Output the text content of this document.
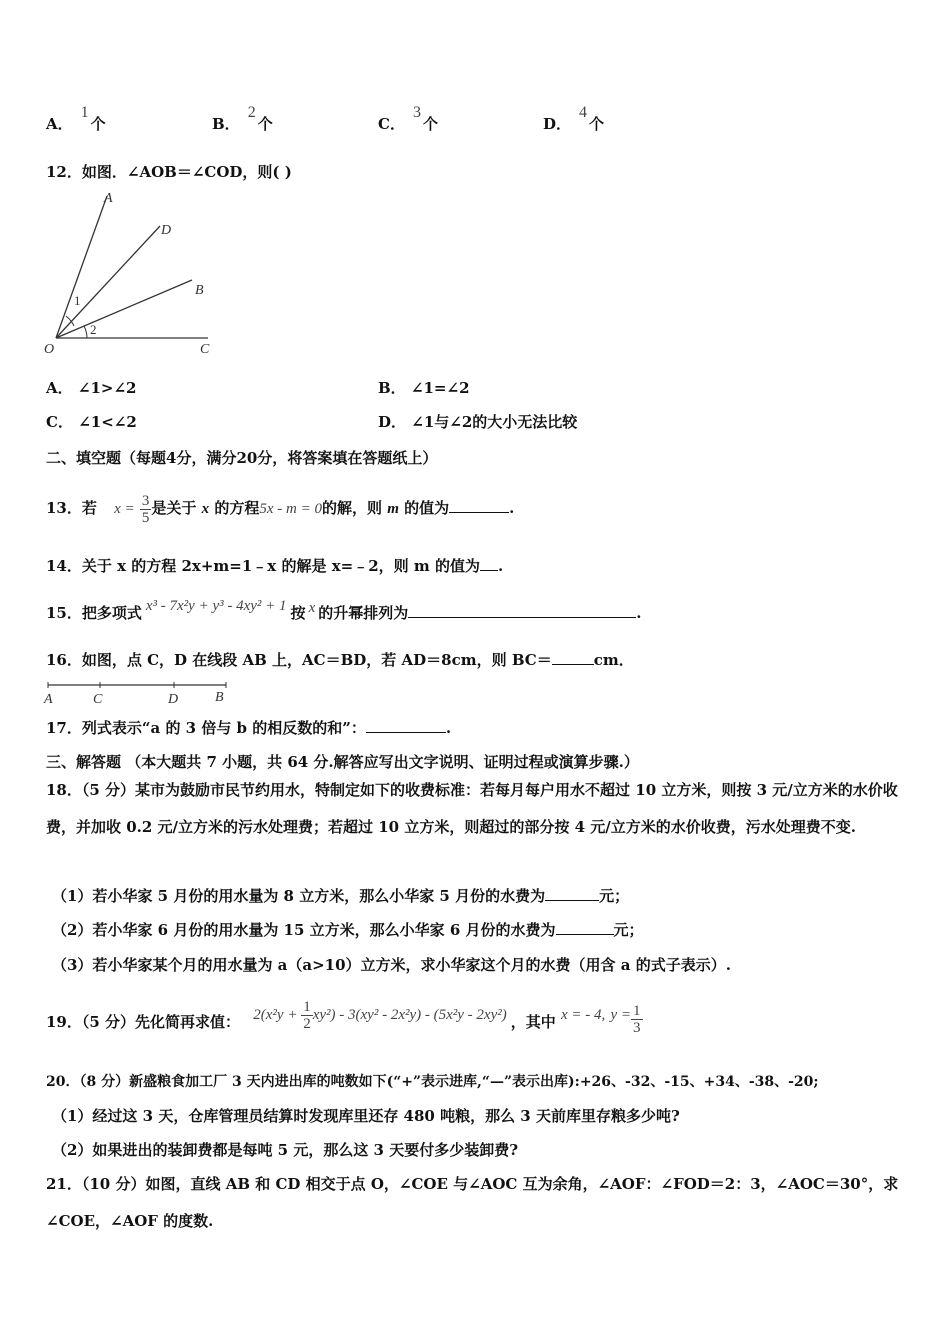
A．1个	B．2个	C．3个	D．4个
12．如图．∠AOB＝∠COD，则( )
A
D
B
O	C
1
2
A． ∠1>∠2	B． ∠1=∠2
C． ∠1<∠2	D． ∠1与∠2的大小无法比较
二、填空题（每题4分，满分20分，将答案填在答题纸上）
13．若 $x = \frac{3}{5}$ 是关于 x 的方程5x - m = 0的解，则 m 的值为	.
14．关于 x 的方程 2x+m=1﹣x 的解是 x=﹣2，则 m 的值为 .
15．把多项式 x³ - 7x²y + y³ - 4xy² + 1 按 x 的升幂排列为	.
16．如图，点 C，D 在线段 AB 上，AC＝BD，若 AD＝8cm，则 BC＝	cm．
A	C	D	B
17．列式表示“a 的 3 倍与 b 的相反数的和”：	.
三、解答题 （本大题共 7 小题，共 64 分.解答应写出文字说明、证明过程或演算步骤.）
18．（5 分）某市为鼓励市民节约用水，特制定如下的收费标准：若每月每户用水不超过 10 立方米，则按 3 元/立方米的水价收费，并加收 0.2 元/立方米的污水处理费；若超过 10 立方米，则超过的部分按 4 元/立方米的水价收费，污水处理费不变.
（1）若小华家 5 月份的用水量为 8 立方米，那么小华家 5 月份的水费为	元；
（2）若小华家 6 月份的用水量为 15 立方米，那么小华家 6 月份的水费为	元；
（3）若小华家某个月的用水量为 a（a>10）立方米，求小华家这个月的水费（用含 a 的式子表示）.
19．（5 分）先化简再求值： $2(x^2y + \frac{1}{2} xy^2) - 3(xy^2 - 2x^2y) - (5x^2y - 2xy^2)$ ，其中 x = - 4, $y = \frac{1}{3}$
20．（8 分）新盛粮食加工厂 3 天内进出库的吨数如下(“+”表示进库,“—”表示出库):+26、-32、-15、+34、-38、-20;
（1）经过这 3 天，仓库管理员结算时发现库里还存 480 吨粮，那么 3 天前库里存粮多少吨?
（2）如果进出的装卸费都是每吨 5 元，那么这 3 天要付多少装卸费?
21．（10 分）如图，直线 AB 和 CD 相交于点 O，∠COE 与∠AOC 互为余角，∠AOF：∠FOD＝2：3，∠AOC＝30°，求∠COE，∠AOF 的度数.
